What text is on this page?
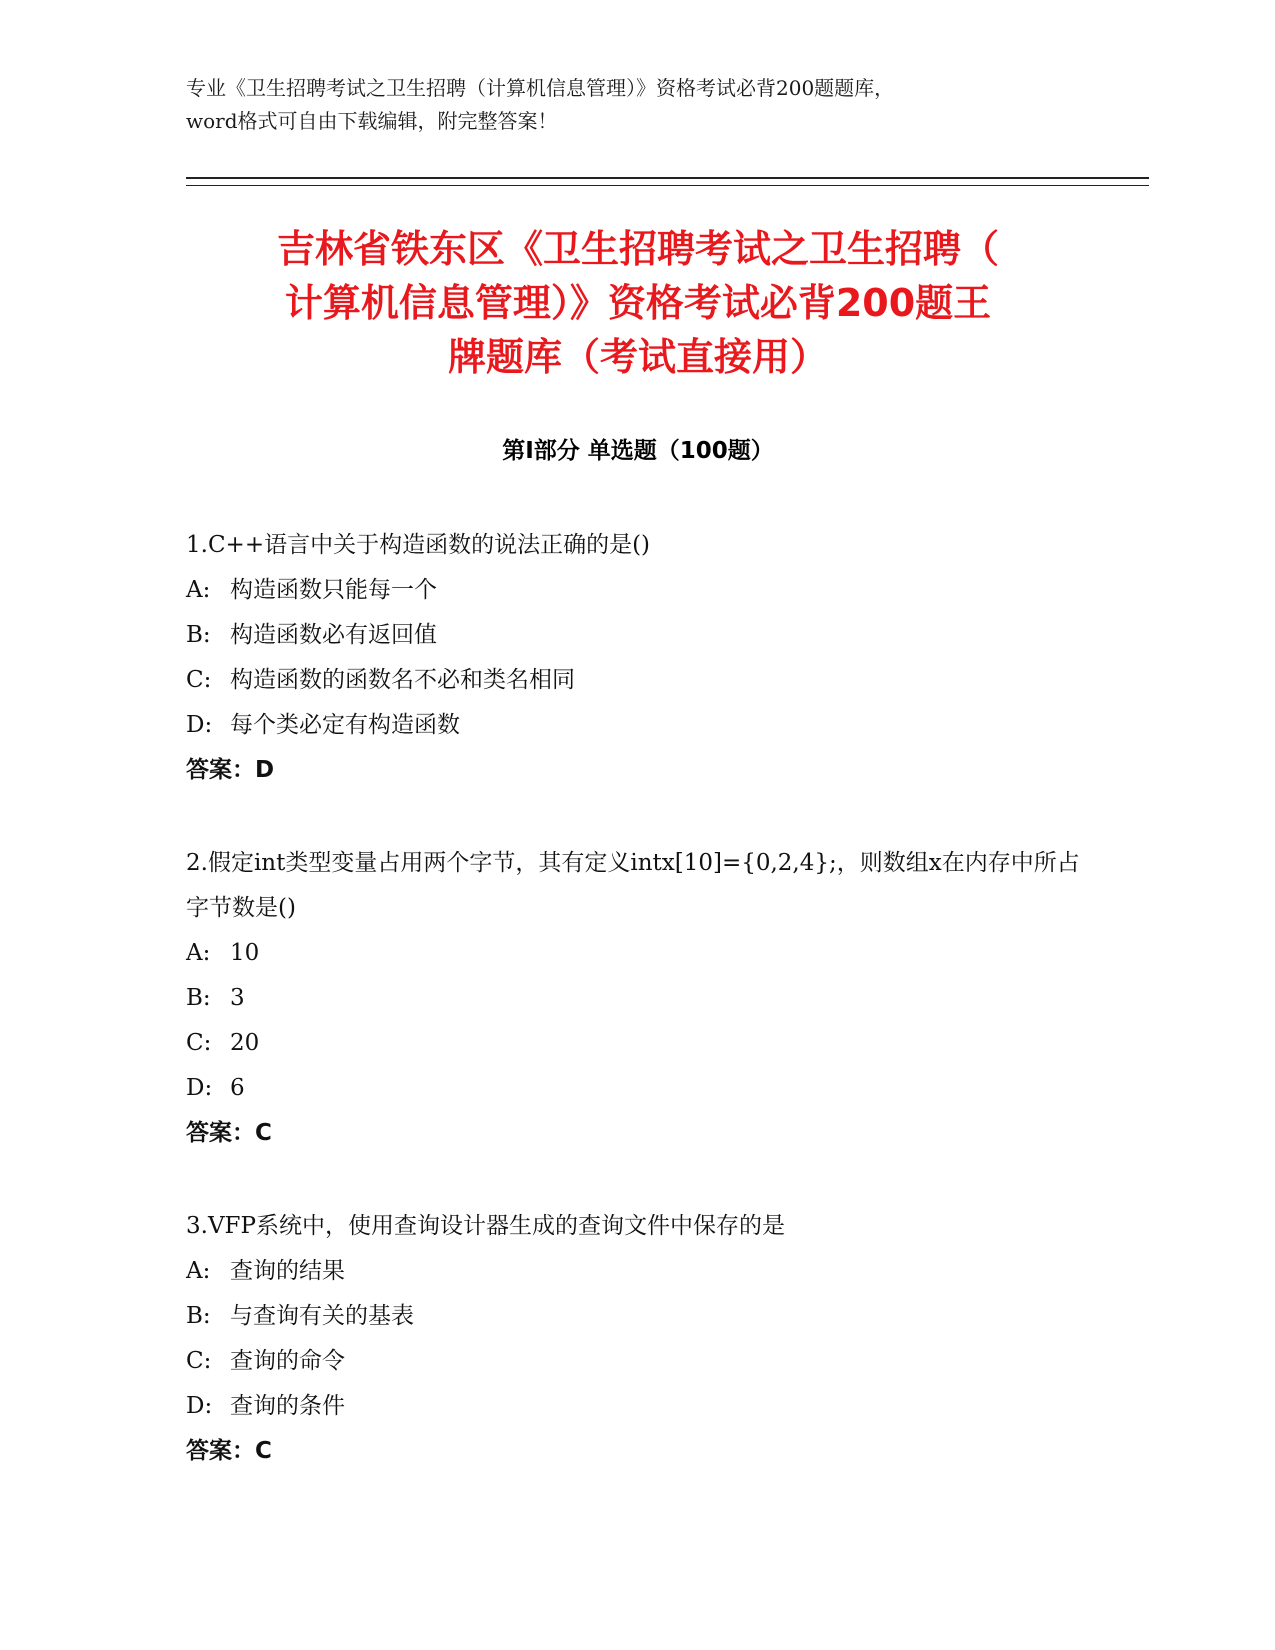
专业《卫生招聘考试之卫生招聘（计算机信息管理）》资格考试必背200题题库，
word格式可自由下载编辑，附完整答案！
吉林省铁东区《卫生招聘考试之卫生招聘（
计算机信息管理）》资格考试必背200题王
牌题库（考试直接用）
第Ⅰ部分 单选题（100题）
1.C++语言中关于构造函数的说法正确的是()
A: 构造函数只能每一个
B: 构造函数必有返回值
C: 构造函数的函数名不必和类名相同
D: 每个类必定有构造函数
答案：D
2.假定int类型变量占用两个字节，其有定义intx[10]={0,2,4};，则数组x在内存中所占字节数是()
A: 10
B: 3
C: 20
D: 6
答案：C
3.VFP系统中，使用查询设计器生成的查询文件中保存的是
A: 查询的结果
B: 与查询有关的基表
C: 查询的命令
D: 查询的条件
答案：C
